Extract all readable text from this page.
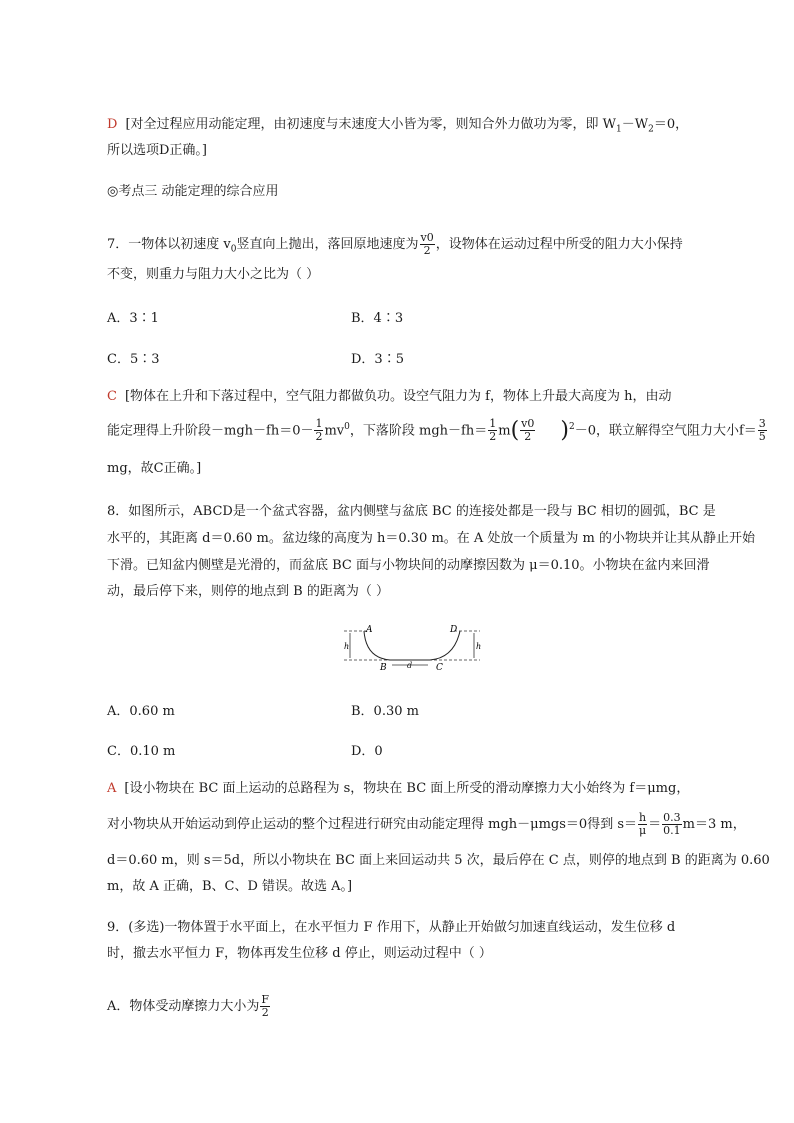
D [对全过程应用动能定理，由初速度与末速度大小皆为零，则知合外力做功为零，即 $W_1-W_2=0$，
所以选项D正确。]
◎考点三 动能定理的综合应用
7．一物体以初速度 $v_0$竖直向上抛出，落回原地速度为 $\frac{v0}{2}$ ，设物体在运动过程中所受的阻力大小保持
不变，则重力与阻力大小之比为（ ）
A．3∶1	B．4∶3
C．5∶3	D．3∶5
C [物体在上升和下落过程中，空气阻力都做负功。设空气阻力为 f，物体上升最大高度为 h，由动
能定理得上升阶段$-mgh-fh=0- \frac{1}{2} mv^0$，下落阶段 $mgh-fh= \frac{1}{2} m( \frac{v0}{2} )^2-0$，联立解得空气阻力大小$f= \frac{3}{5}$
mg，故C正确。]
8．如图所示，ABCD是一个盆式容器，盆内侧壁与盆底 BC 的连接处都是一段与 BC 相切的圆弧，BC 是
水平的，其距离 d＝0.60 m。盆边缘的高度为 h＝0.30 m。在 A 处放一个质量为 m 的小物块并让其从静止开始
下滑。已知盆内侧壁是光滑的，而盆底 BC 面与小物块间的动摩擦因数为 μ＝0.10。小物块在盆内来回滑
动，最后停下来，则停的地点到 B 的距离为（ ）
A	D
B	C
h	h
d
A．0.60 m	B．0.30 m
C．0.10 m	D．0
A [设小物块在 BC 面上运动的总路程为 s，物块在 BC 面上所受的滑动摩擦力大小始终为 f＝μmg，
对小物块从开始运动到停止运动的整个过程进行研究由动能定理得 mgh－μmgs＝0得到 $s= \frac{h}{\mu} = \frac{0.3}{0.1} m=3$ m，
d＝0.60 m，则 s＝5d，所以小物块在 BC 面上来回运动共 5 次，最后停在 C 点，则停的地点到 B 的距离为 0.60
m，故 A 正确，B、C、D 错误。故选 A。]
9．(多选)一物体置于水平面上，在水平恒力 F 作用下，从静止开始做匀加速直线运动，发生位移 d
时，撤去水平恒力 F，物体再发生位移 d 停止，则运动过程中（ ）
A．物体受动摩擦力大小为 $\frac{F}{2}$
